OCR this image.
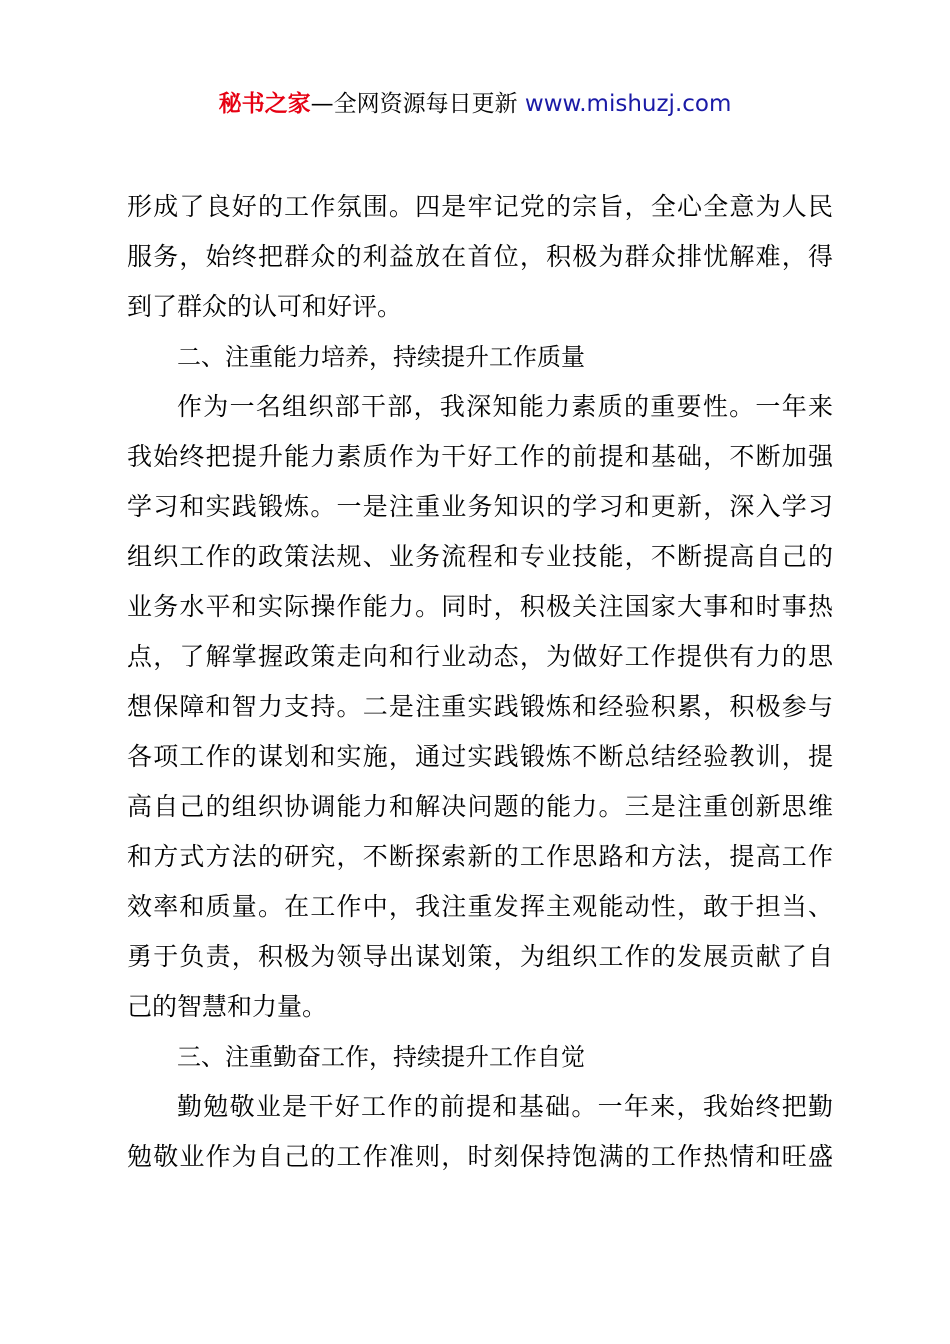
秘书之家—全网资源每日更新 www.mishuzj.com
形成了良好的工作氛围。四是牢记党的宗旨，全心全意为人民
服务，始终把群众的利益放在首位，积极为群众排忧解难，得
到了群众的认可和好评。
二、注重能力培养，持续提升工作质量
作为一名组织部干部，我深知能力素质的重要性。一年来
我始终把提升能力素质作为干好工作的前提和基础，不断加强
学习和实践锻炼。一是注重业务知识的学习和更新，深入学习
组织工作的政策法规、业务流程和专业技能，不断提高自己的
业务水平和实际操作能力。同时，积极关注国家大事和时事热
点，了解掌握政策走向和行业动态，为做好工作提供有力的思
想保障和智力支持。二是注重实践锻炼和经验积累，积极参与
各项工作的谋划和实施，通过实践锻炼不断总结经验教训，提
高自己的组织协调能力和解决问题的能力。三是注重创新思维
和方式方法的研究，不断探索新的工作思路和方法，提高工作
效率和质量。在工作中，我注重发挥主观能动性，敢于担当、
勇于负责，积极为领导出谋划策，为组织工作的发展贡献了自
己的智慧和力量。
三、注重勤奋工作，持续提升工作自觉
勤勉敬业是干好工作的前提和基础。一年来，我始终把勤
勉敬业作为自己的工作准则，时刻保持饱满的工作热情和旺盛
